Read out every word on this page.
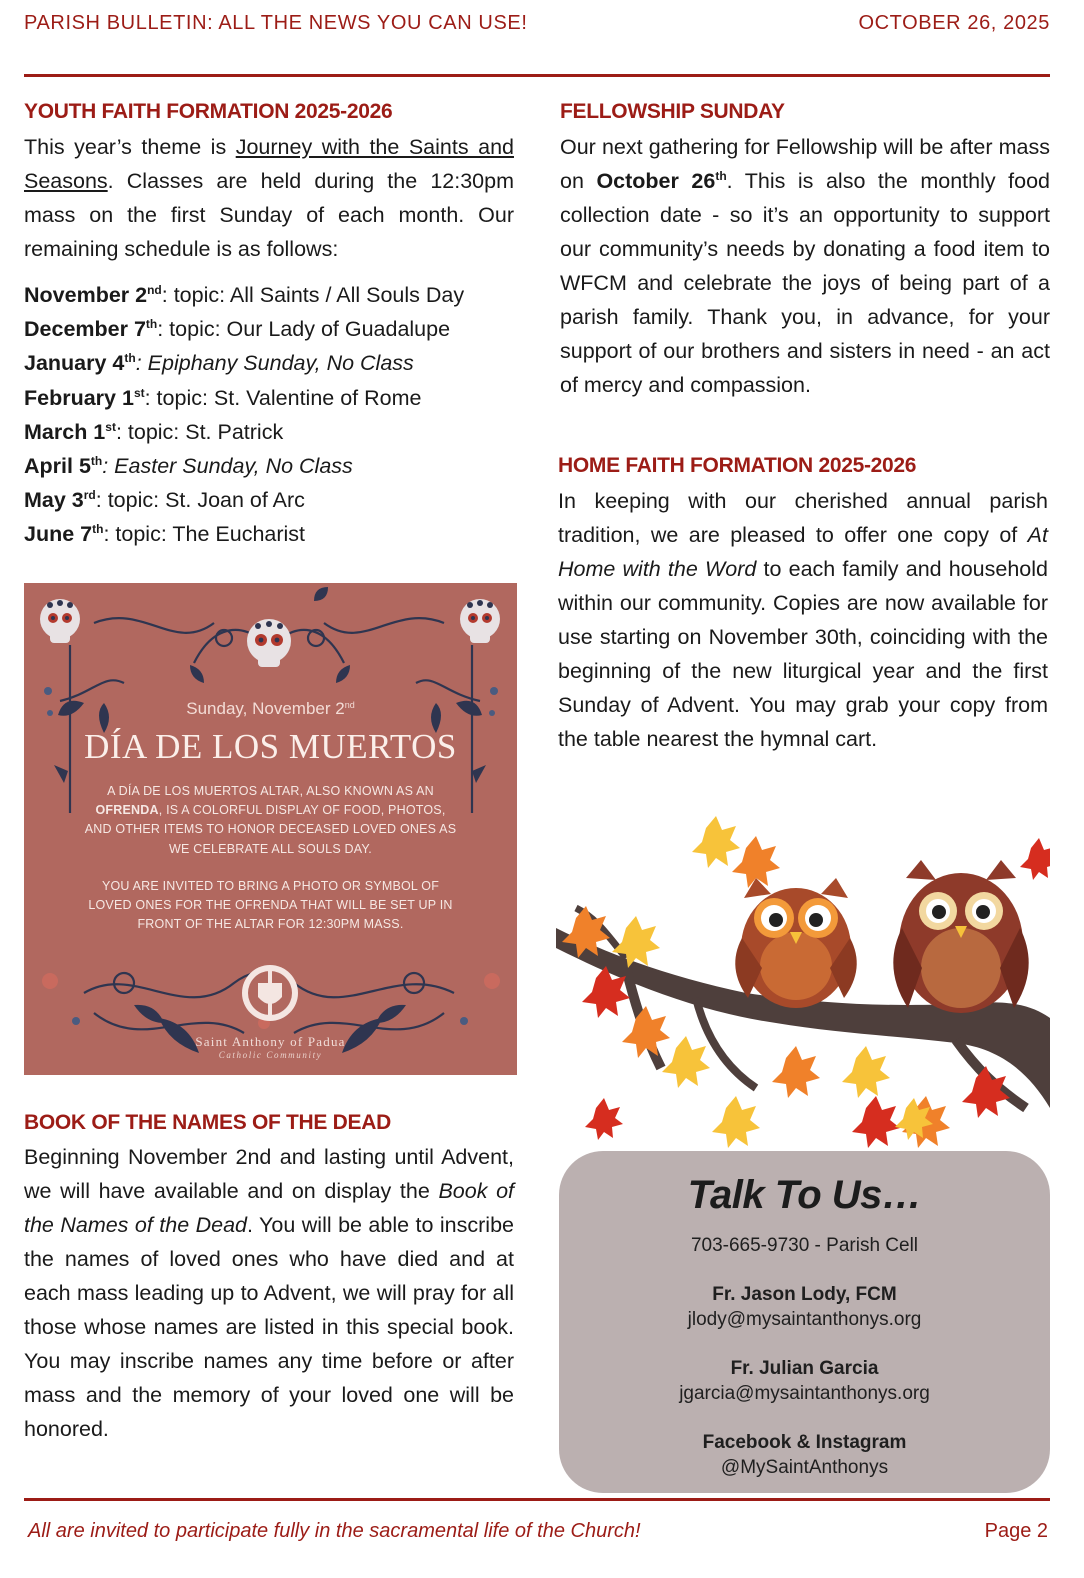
PARISH BULLETIN: ALL THE NEWS YOU CAN USE!	OCTOBER 26, 2025
YOUTH FAITH FORMATION 2025-2026

This year’s theme is Journey with the Saints and Seasons. Classes are held during the 12:30pm mass on the first Sunday of each month. Our remaining schedule is as follows:

November 2nd: topic: All Saints / All Souls Day
December 7th: topic: Our Lady of Guadalupe
January 4th: Epiphany Sunday, No Class
February 1st: topic: St. Valentine of Rome
March 1st: topic: St. Patrick
April 5th: Easter Sunday, No Class
May 3rd: topic: St. Joan of Arc
June 7th: topic: The Eucharist
Sunday, November 2nd
DÍA DE LOS MUERTOS
A DÍA DE LOS MUERTOS ALTAR, ALSO KNOWN AS AN OFRENDA, IS A COLORFUL DISPLAY OF FOOD, PHOTOS, AND OTHER ITEMS TO HONOR DECEASED LOVED ONES AS WE CELEBRATE ALL SOULS DAY.
YOU ARE INVITED TO BRING A PHOTO OR SYMBOL OF LOVED ONES FOR THE OFRENDA THAT WILL BE SET UP IN FRONT OF THE ALTAR FOR 12:30PM MASS.
Saint Anthony of Padua
Catholic Community
BOOK OF THE NAMES OF THE DEAD

Beginning November 2nd and lasting until Advent, we will have available and on display the Book of the Names of the Dead. You will be able to inscribe the names of loved ones who have died and at each mass leading up to Advent, we will pray for all those whose names are listed in this special book. You may inscribe names any time before or after mass and the memory of your loved one will be honored.

FELLOWSHIP SUNDAY

Our next gathering for Fellowship will be after mass on October 26th. This is also the monthly food collection date - so it’s an opportunity to support our community’s needs by donating a food item to WFCM and celebrate the joys of being part of a parish family. Thank you, in advance, for your support of our brothers and sisters in need - an act of mercy and compassion.

HOME FAITH FORMATION 2025-2026

In keeping with our cherished annual parish tradition, we are pleased to offer one copy of At Home with the Word to each family and household within our community. Copies are now available for use starting on November 30th, coinciding with the beginning of the new liturgical year and the first Sunday of Advent. You may grab your copy from the table nearest the hymnal cart.

Talk To Us…
703-665-9730 - Parish Cell
Fr. Jason Lody, FCM
jlody@mysaintanthonys.org
Fr. Julian Garcia
jgarcia@mysaintanthonys.org
Facebook & Instagram
@MySaintAnthonys
All are invited to participate fully in the sacramental life of the Church!	Page 2
